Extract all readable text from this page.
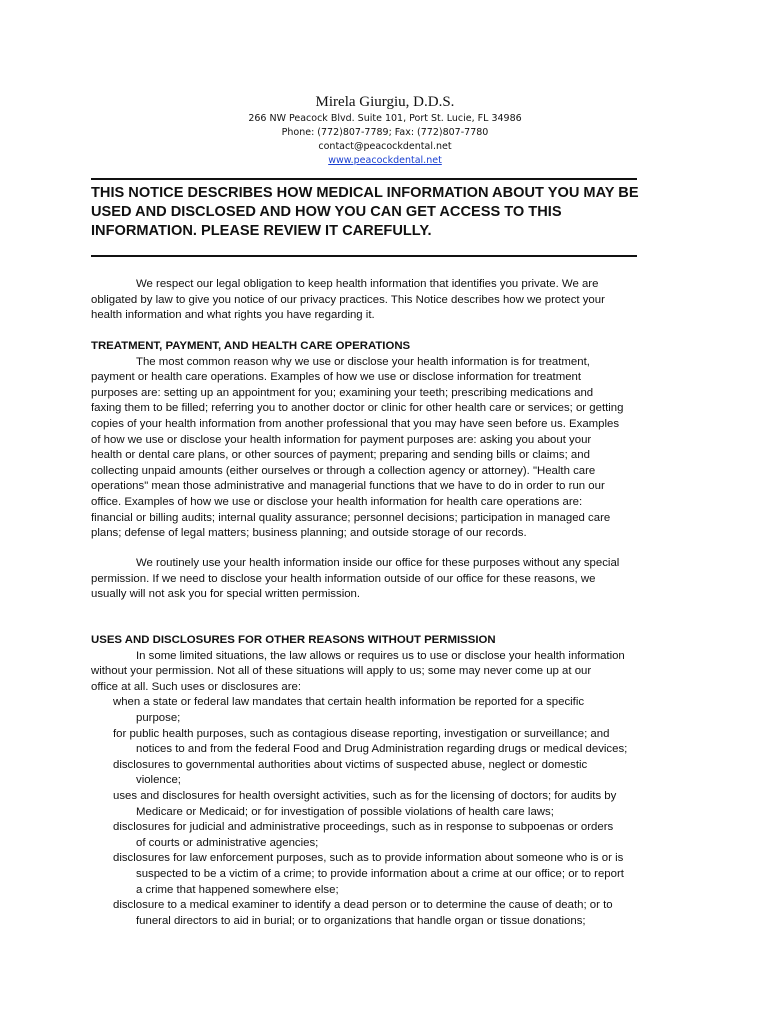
Mirela Giurgiu, D.D.S.
266 NW Peacock Blvd. Suite 101, Port St. Lucie, FL 34986
Phone: (772)807-7789; Fax: (772)807-7780
contact@peacockdental.net
www.peacockdental.net
THIS NOTICE DESCRIBES HOW MEDICAL INFORMATION ABOUT YOU MAY BE
USED AND DISCLOSED AND HOW YOU CAN GET ACCESS TO THIS
INFORMATION. PLEASE REVIEW IT CAREFULLY.
We respect our legal obligation to keep health information that identifies you private. We are
obligated by law to give you notice of our privacy practices. This Notice describes how we protect your
health information and what rights you have regarding it.
TREATMENT, PAYMENT, AND HEALTH CARE OPERATIONS
The most common reason why we use or disclose your health information is for treatment,
payment or health care operations. Examples of how we use or disclose information for treatment
purposes are: setting up an appointment for you; examining your teeth; prescribing medications and
faxing them to be filled; referring you to another doctor or clinic for other health care or services; or getting
copies of your health information from another professional that you may have seen before us. Examples
of how we use or disclose your health information for payment purposes are: asking you about your
health or dental care plans, or other sources of payment; preparing and sending bills or claims; and
collecting unpaid amounts (either ourselves or through a collection agency or attorney). "Health care
operations" mean those administrative and managerial functions that we have to do in order to run our
office. Examples of how we use or disclose your health information for health care operations are:
financial or billing audits; internal quality assurance; personnel decisions; participation in managed care
plans; defense of legal matters; business planning; and outside storage of our records.
We routinely use your health information inside our office for these purposes without any special
permission. If we need to disclose your health information outside of our office for these reasons, we
usually will not ask you for special written permission.
USES AND DISCLOSURES FOR OTHER REASONS WITHOUT PERMISSION
In some limited situations, the law allows or requires us to use or disclose your health information
without your permission. Not all of these situations will apply to us; some may never come up at our
office at all. Such uses or disclosures are:
when a state or federal law mandates that certain health information be reported for a specific
purpose;
for public health purposes, such as contagious disease reporting, investigation or surveillance; and
notices to and from the federal Food and Drug Administration regarding drugs or medical devices;
disclosures to governmental authorities about victims of suspected abuse, neglect or domestic
violence;
uses and disclosures for health oversight activities, such as for the licensing of doctors; for audits by
Medicare or Medicaid; or for investigation of possible violations of health care laws;
disclosures for judicial and administrative proceedings, such as in response to subpoenas or orders
of courts or administrative agencies;
disclosures for law enforcement purposes, such as to provide information about someone who is or is
suspected to be a victim of a crime; to provide information about a crime at our office; or to report
a crime that happened somewhere else;
disclosure to a medical examiner to identify a dead person or to determine the cause of death; or to
funeral directors to aid in burial; or to organizations that handle organ or tissue donations;
